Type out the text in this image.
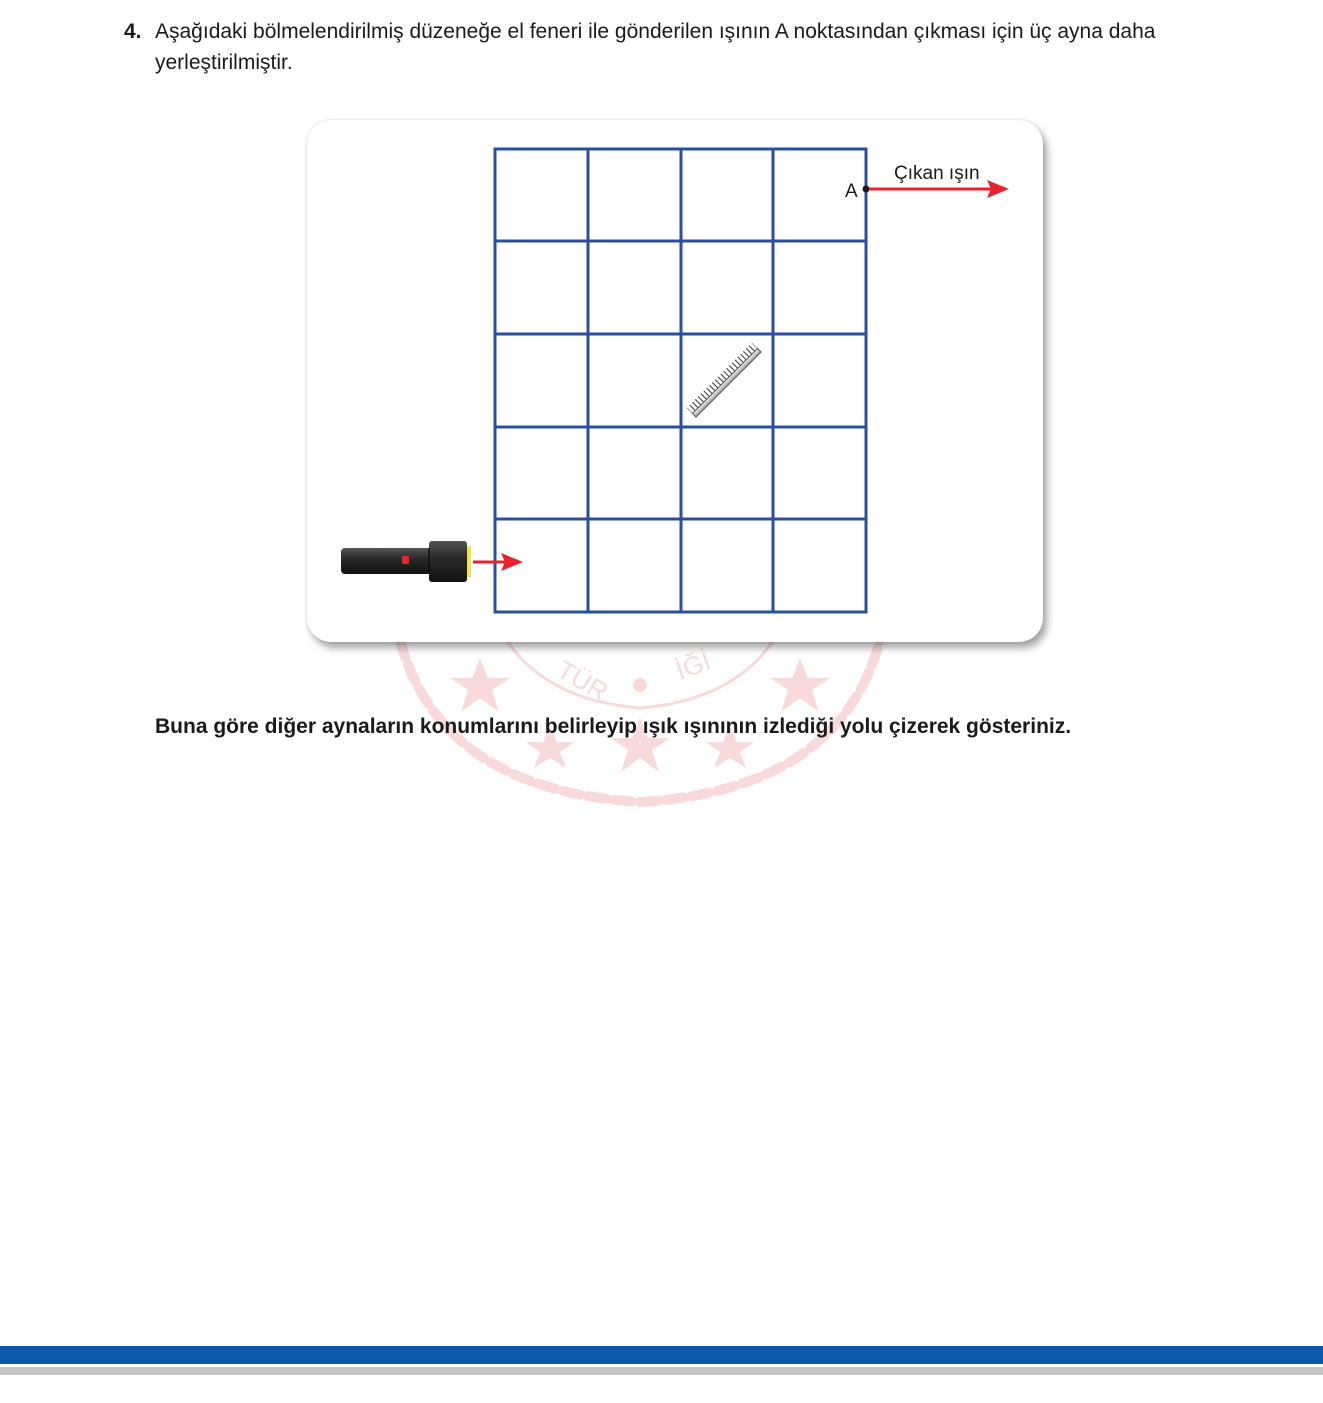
4. Aşağıdaki bölmelendirilmiş düzeneğe el feneri ile gönderilen ışının A noktasından çıkması için üç ayna daha yerleştirilmiştir.
TÜR İĞİ
A
Çıkan ışın
Buna göre diğer aynaların konumlarını belirleyip ışık ışınının izlediği yolu çizerek gösteriniz.
